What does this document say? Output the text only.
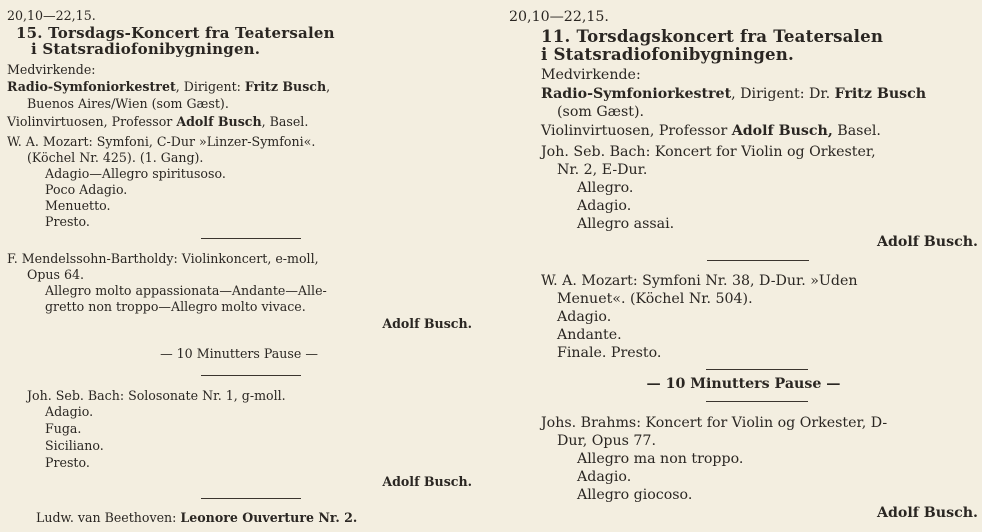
20,10—22,15.
15. Torsdags-Koncert fra Teatersalen
i Statsradiofonibygningen.
Medvirkende:
Radio-Symfoniorkestret, Dirigent: Fritz Busch,
Buenos Aires/Wien (som Gæst).
Violinvirtuosen, Professor Adolf Busch, Basel.
W. A. Mozart: Symfoni, C-Dur »Linzer-Symfoni«.
(Köchel Nr. 425). (1. Gang).
Adagio—Allegro spiritusoso.
Poco Adagio.
Menuetto.
Presto.
F. Mendelssohn-Bartholdy: Violinkoncert, e-moll,
Opus 64.
Allegro molto appassionata—Andante—Alle-
gretto non troppo—Allegro molto vivace.
Adolf Busch.
— 10 Minutters Pause —
Joh. Seb. Bach: Solosonate Nr. 1, g-moll.
Adagio.
Fuga.
Siciliano.
Presto.
Adolf Busch.
Ludw. van Beethoven: Leonore Ouverture Nr. 2.
20,10—22,15.
11. Torsdagskoncert fra Teatersalen
i Statsradiofonibygningen.
Medvirkende:
Radio-Symfoniorkestret, Dirigent: Dr. Fritz Busch
(som Gæst).
Violinvirtuosen, Professor Adolf Busch, Basel.
Joh. Seb. Bach: Koncert for Violin og Orkester,
Nr. 2, E-Dur.
Allegro.
Adagio.
Allegro assai.
Adolf Busch.
W. A. Mozart: Symfoni Nr. 38, D-Dur. »Uden
Menuet«. (Köchel Nr. 504).
Adagio.
Andante.
Finale. Presto.
— 10 Minutters Pause —
Johs. Brahms: Koncert for Violin og Orkester, D-
Dur, Opus 77.
Allegro ma non troppo.
Adagio.
Allegro giocoso.
Adolf Busch.
